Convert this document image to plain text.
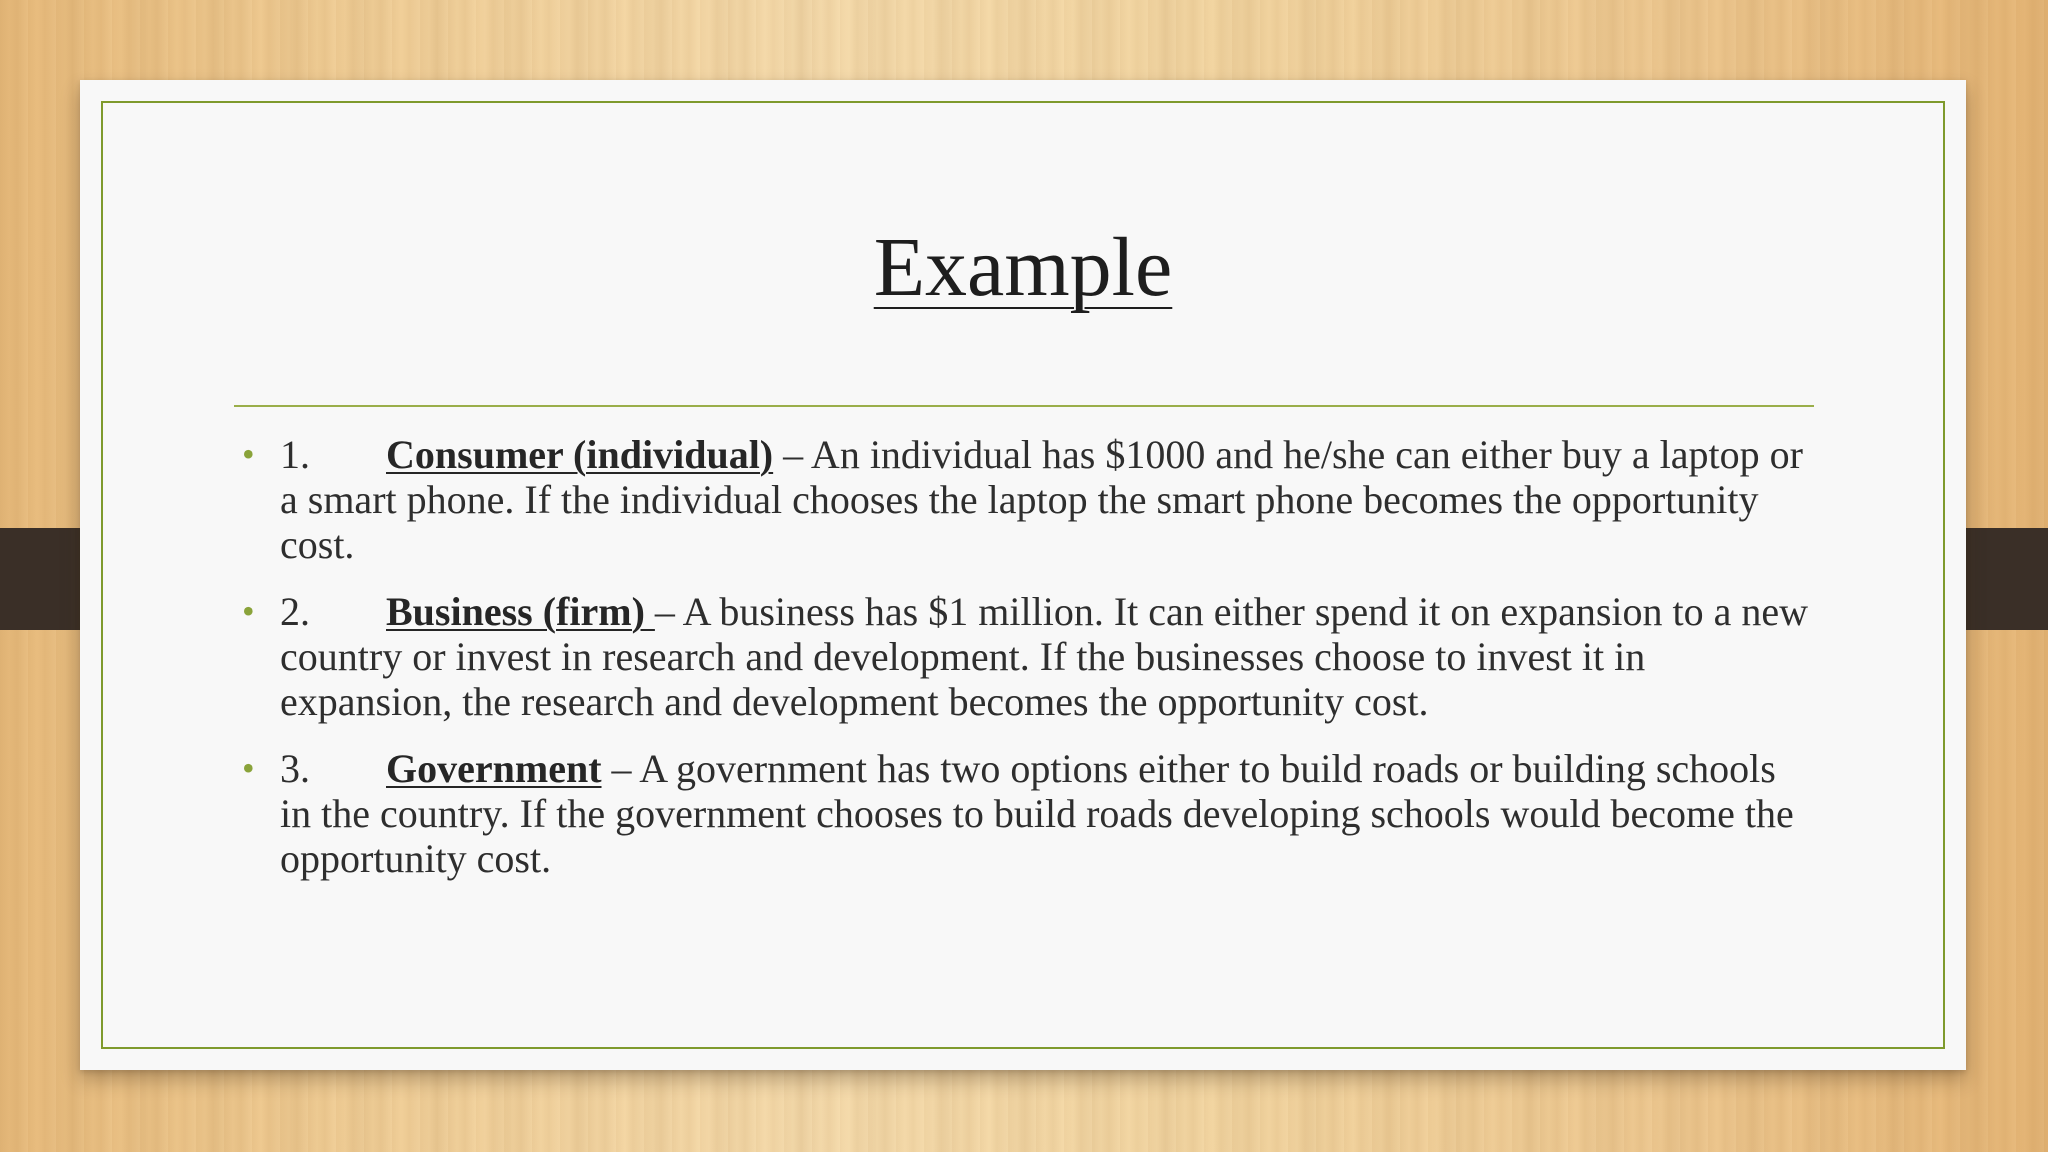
Example
• 1. Consumer (individual) – An individual has $1000 and he/she can either buy a laptop or a smart phone. If the individual chooses the laptop the smart phone becomes the opportunity cost.
• 2. Business (firm) – A business has $1 million. It can either spend it on expansion to a new country or invest in research and development. If the businesses choose to invest it in expansion, the research and development becomes the opportunity cost.
• 3. Government – A government has two options either to build roads or building schools in the country. If the government chooses to build roads developing schools would become the opportunity cost.
